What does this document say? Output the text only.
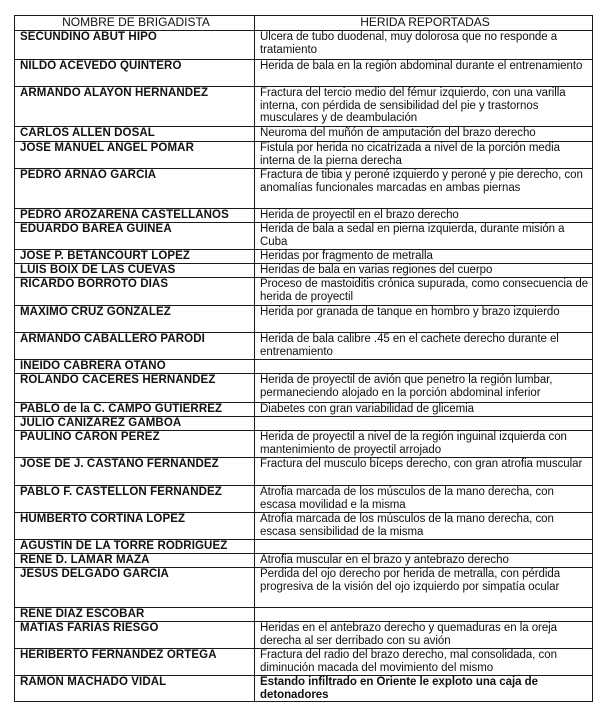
NOMBRE DE BRIGADISTA	HERIDA REPORTADAS
SECUNDINO ABUT HIPO	Ulcera de tubo duodenal, muy dolorosa que no responde a tratamiento
NILDO ACEVEDO QUINTERO	Herida de bala en la región abdominal durante el entrenamiento
ARMANDO ALAYON HERNANDEZ	Fractura del tercio medio del fémur izquierdo, con una varilla interna, con pérdida de sensibilidad del pie y trastornos musculares y de deambulación
CARLOS ALLEN DOSAL	Neuroma del muñón de amputación del brazo derecho
JOSE MANUEL ANGEL POMAR	Fistula por herida no cicatrizada a nivel de la porción media interna de la pierna derecha
PEDRO ARNAO GARCIA	Fractura de tibia y peroné izquierdo y peroné y pie derecho, con anomalías funcionales marcadas en ambas piernas
PEDRO AROZARENA CASTELLANOS	Herida de proyectil en el brazo derecho
EDUARDO BAREA GUINEA	Herida de bala a sedal en pierna izquierda, durante misión a Cuba
JOSE P. BETANCOURT LOPEZ	Heridas por fragmento de metralla
LUIS BOIX DE LAS CUEVAS	Heridas de bala en varias regiones del cuerpo
RICARDO BORROTO DIAS	Proceso de mastoiditis crónica supurada, como consecuencia de herida de proyectil
MAXIMO CRUZ GONZALEZ	Herida por granada de tanque en hombro y brazo izquierdo
ARMANDO CABALLERO PARODI	Herida de bala calibre .45 en el cachete derecho durante el entrenamiento
INEIDO CABRERA OTANO	
ROLANDO CACERES HERNANDEZ	Herida de proyectil de avión que penetro la región lumbar, permaneciendo alojado en la porción abdominal inferior
PABLO de la C. CAMPO GUTIERREZ	Diabetes con gran variabilidad de glicemia
JULIO CANIZAREZ GAMBOA	
PAULINO CARON PEREZ	Herida de proyectil a nivel de la región inguinal izquierda con mantenimiento de proyectil arrojado
JOSE DE J. CASTANO FERNANDEZ	Fractura del musculo bíceps derecho, con gran atrofia muscular
PABLO F. CASTELLON FERNANDEZ	Atrofia marcada de los músculos de la mano derecha, con escasa movilidad e la misma
HUMBERTO CORTINA LOPEZ	Atrofia marcada de los músculos de la mano derecha, con escasa sensibilidad de la misma
AGUSTIN DE LA TORRE RODRIGUEZ	
RENE D. LAMAR MAZA	Atrofia muscular en el brazo y antebrazo derecho
JESUS DELGADO GARCIA	Perdida del ojo derecho por herida de metralla, con pérdida progresiva de la visión del ojo izquierdo por simpatía ocular
RENE DIAZ ESCOBAR	
MATIAS FARIAS RIESGO	Heridas en el antebrazo derecho y quemaduras en la oreja derecha al ser derribado con su avión
HERIBERTO FERNANDEZ ORTEGA	Fractura del radio del brazo derecho, mal consolidada, con diminución macada del movimiento del mismo
RAMON MACHADO VIDAL	Estando infiltrado en Oriente le exploto una caja de detonadores
